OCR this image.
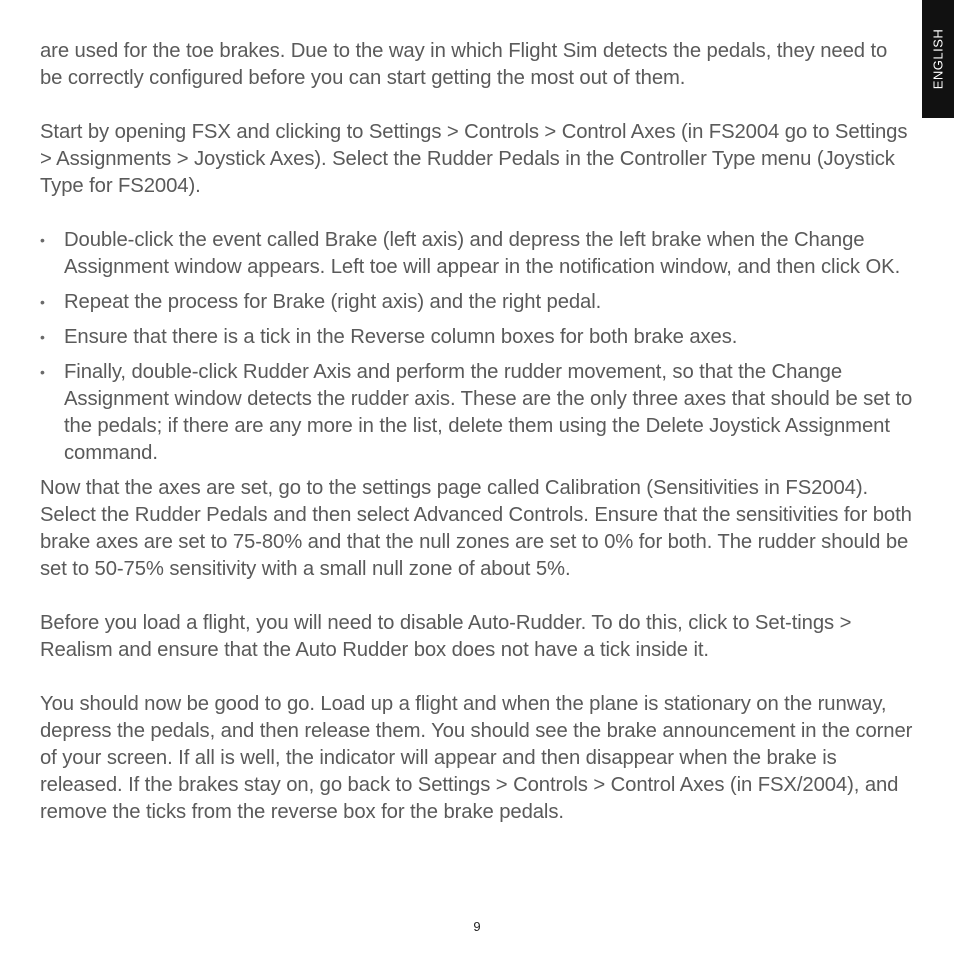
ENGLISH

are used for the toe brakes. Due to the way in which Flight Sim detects the pedals, they need to be correctly configured before you can start getting the most out of them.

Start by opening FSX and clicking to Settings > Controls > Control Axes (in FS2004 go to Settings > Assignments > Joystick Axes). Select the Rudder Pedals in the Controller Type menu (Joystick Type for FS2004).

• Double-click the event called Brake (left axis) and depress the left brake when the Change Assignment window appears. Left toe will appear in the notification window, and then click OK.
• Repeat the process for Brake (right axis) and the right pedal.
• Ensure that there is a tick in the Reverse column boxes for both brake axes.
• Finally, double-click Rudder Axis and perform the rudder movement, so that the Change Assignment window detects the rudder axis. These are the only three axes that should be set to the pedals; if there are any more in the list, delete them using the Delete Joystick Assignment command.

Now that the axes are set, go to the settings page called Calibration (Sensitivities in FS2004). Select the Rudder Pedals and then select Advanced Controls. Ensure that the sensitivities for both brake axes are set to 75-80% and that the null zones are set to 0% for both. The rudder should be set to 50-75% sensitivity with a small null zone of about 5%.

Before you load a flight, you will need to disable Auto-Rudder. To do this, click to Set-tings > Realism and ensure that the Auto Rudder box does not have a tick inside it.

You should now be good to go. Load up a flight and when the plane is stationary on the runway, depress the pedals, and then release them. You should see the brake announcement in the corner of your screen. If all is well, the indicator will appear and then disappear when the brake is released. If the brakes stay on, go back to Settings > Controls > Control Axes (in FSX/2004), and remove the ticks from the reverse box for the brake pedals.

9
